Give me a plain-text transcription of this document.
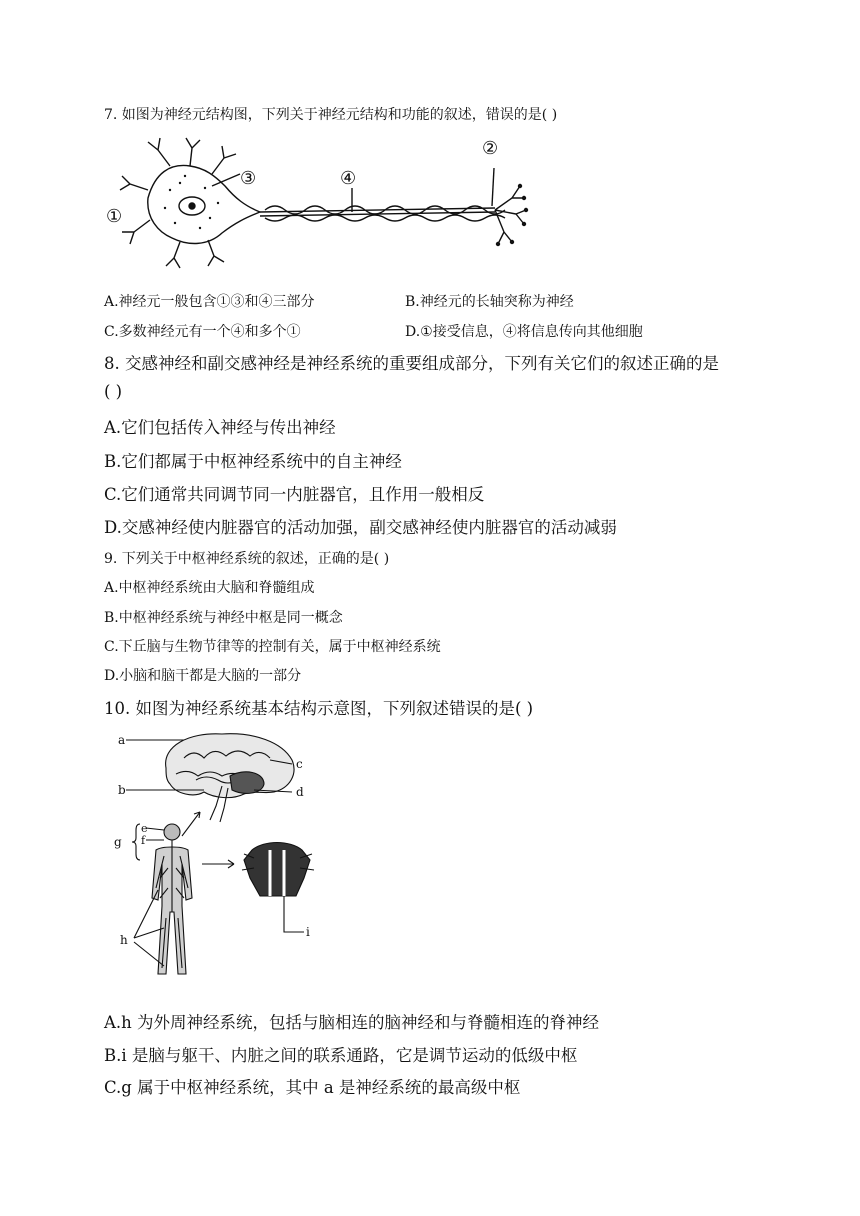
7. 如图为神经元结构图，下列关于神经元结构和功能的叙述，错误的是( )
①
②
③	④
A.神经元一般包含①③和④三部分	B.神经元的长轴突称为神经
C.多数神经元有一个④和多个①	D.①接受信息，④将信息传向其他细胞
8. 交感神经和副交感神经是神经系统的重要组成部分，下列有关它们的叙述正确的是
( )
A.它们包括传入神经与传出神经
B.它们都属于中枢神经系统中的自主神经
C.它们通常共同调节同一内脏器官，且作用一般相反
D.交感神经使内脏器官的活动加强，副交感神经使内脏器官的活动减弱
9. 下列关于中枢神经系统的叙述，正确的是( )
A.中枢神经系统由大脑和脊髓组成
B.中枢神经系统与神经中枢是同一概念
C.下丘脑与生物节律等的控制有关，属于中枢神经系统
D.小脑和脑干都是大脑的一部分
10. 如图为神经系统基本结构示意图，下列叙述错误的是( )
a
c
b	d
e
g f
h
i
A.h 为外周神经系统，包括与脑相连的脑神经和与脊髓相连的脊神经
B.i 是脑与躯干、内脏之间的联系通路，它是调节运动的低级中枢
C.g 属于中枢神经系统，其中 a 是神经系统的最高级中枢
